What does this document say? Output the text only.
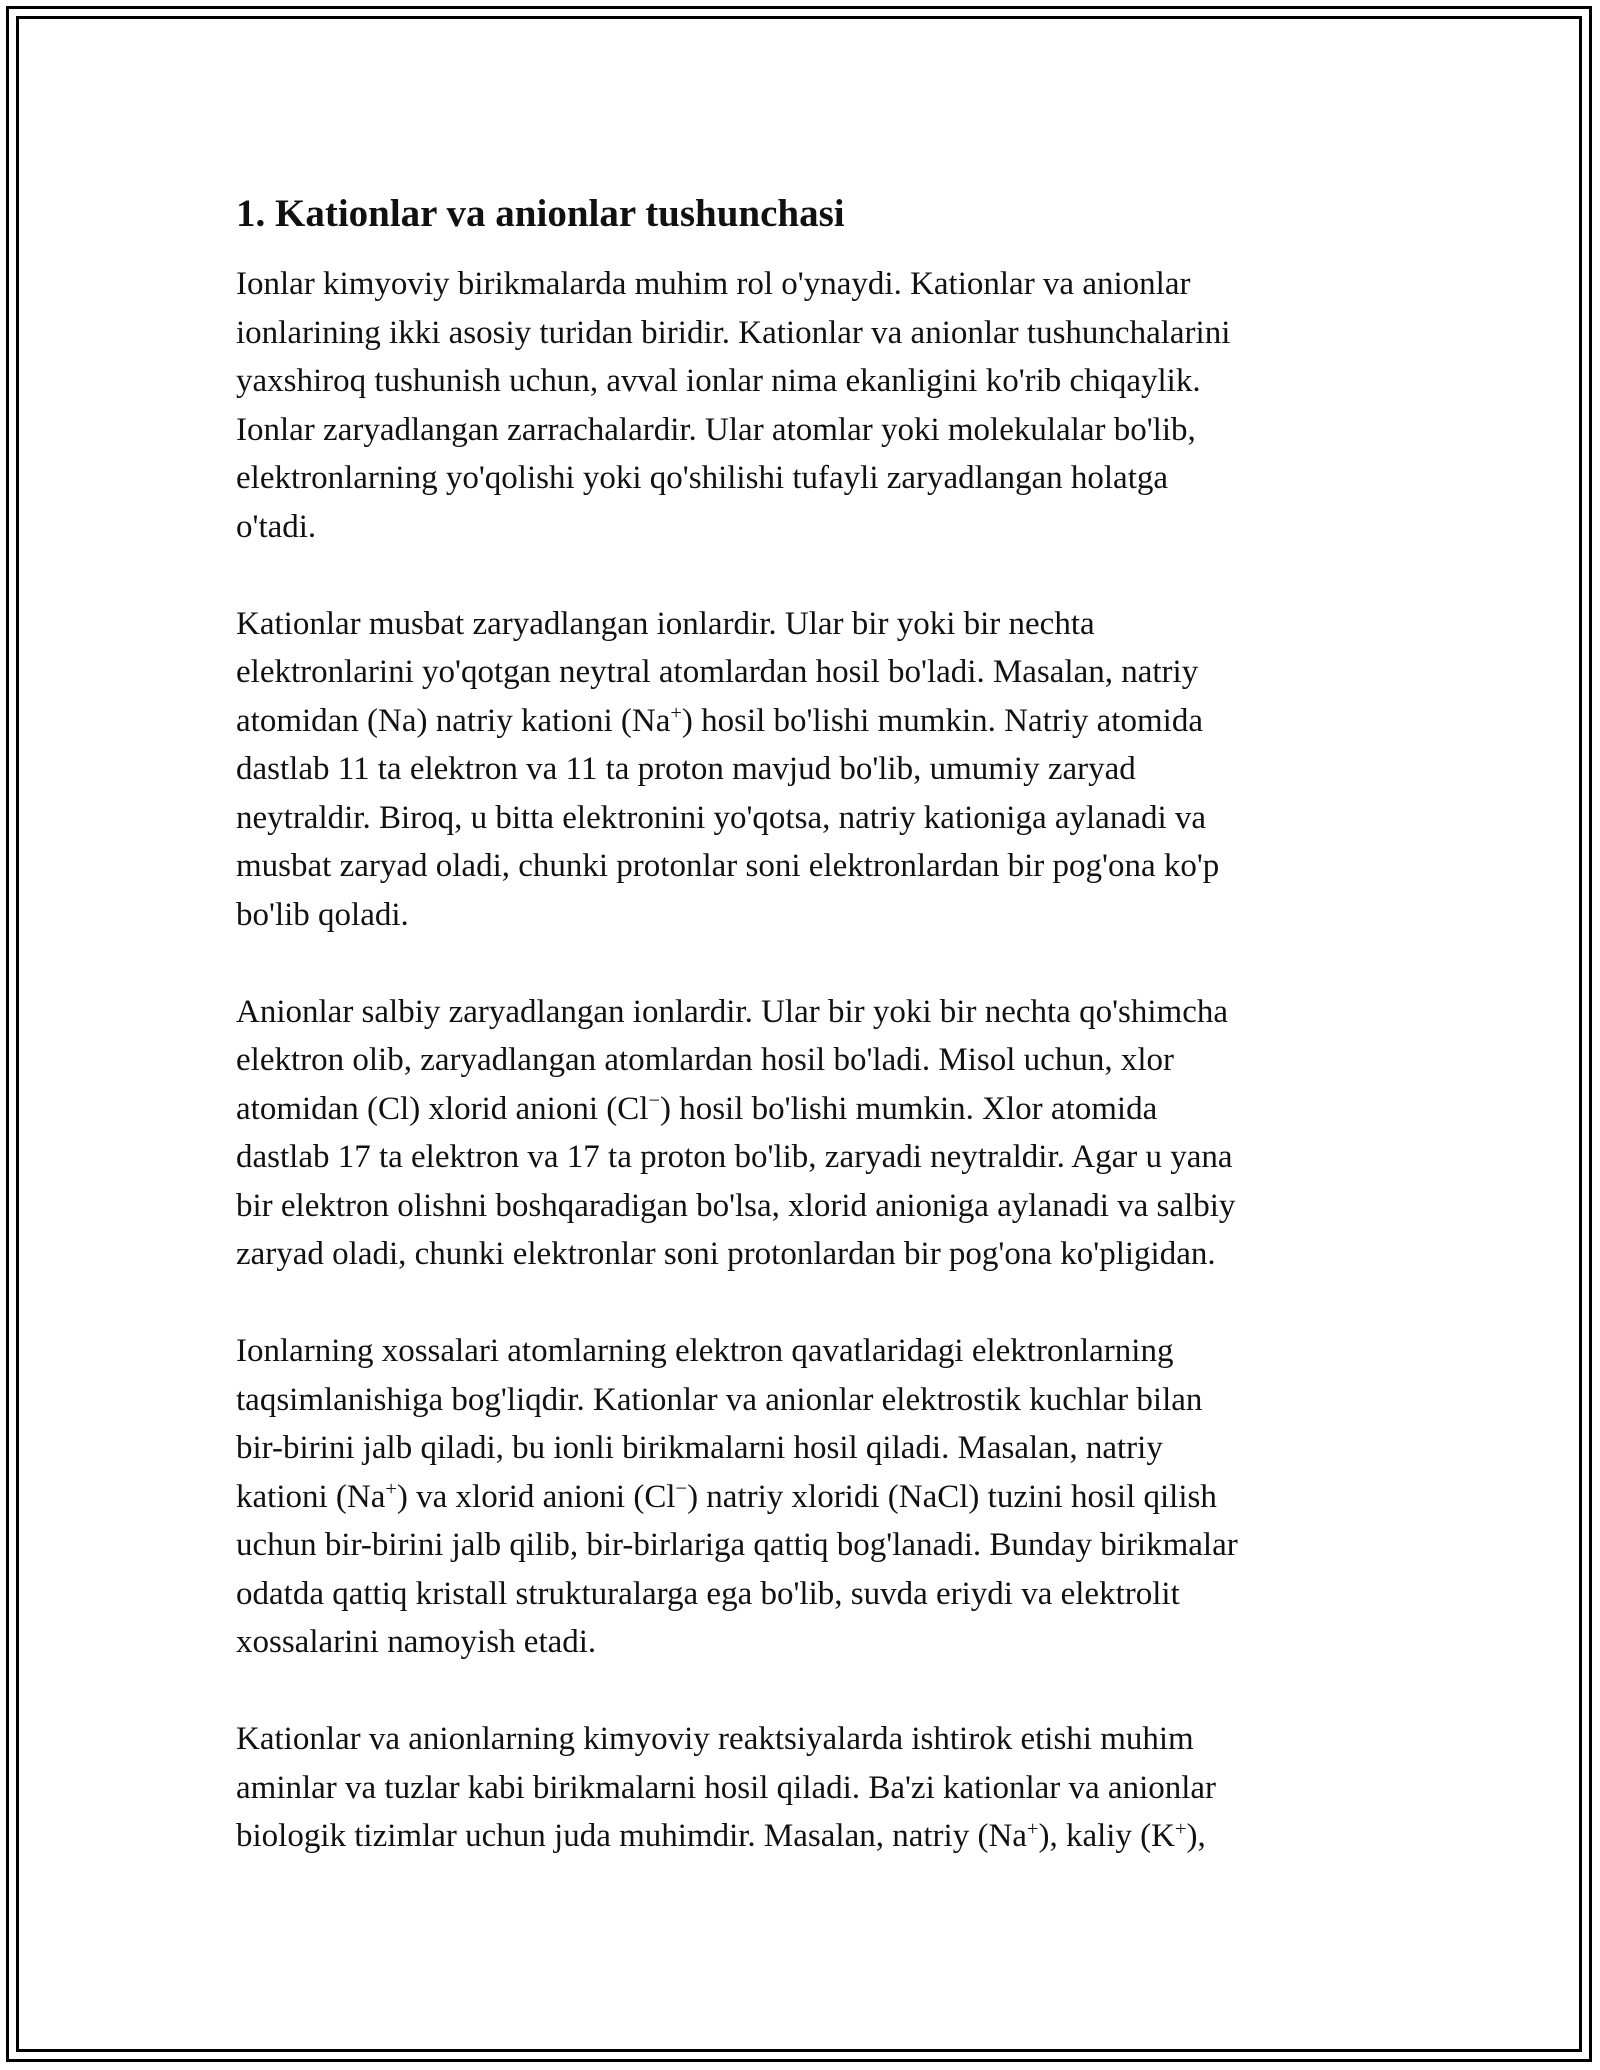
1. Kationlar va anionlar tushunchasi
Ionlar kimyoviy birikmalarda muhim rol o'ynaydi. Kationlar va anionlar
ionlarining ikki asosiy turidan biridir. Kationlar va anionlar tushunchalarini
yaxshiroq tushunish uchun, avval ionlar nima ekanligini ko'rib chiqaylik.
Ionlar zaryadlangan zarrachalardir. Ular atomlar yoki molekulalar bo'lib,
elektronlarning yo'qolishi yoki qo'shilishi tufayli zaryadlangan holatga
o'tadi.
Kationlar musbat zaryadlangan ionlardir. Ular bir yoki bir nechta
elektronlarini yo'qotgan neytral atomlardan hosil bo'ladi. Masalan, natriy
atomidan (Na) natriy kationi (Na+) hosil bo'lishi mumkin. Natriy atomida
dastlab 11 ta elektron va 11 ta proton mavjud bo'lib, umumiy zaryad
neytraldir. Biroq, u bitta elektronini yo'qotsa, natriy kationiga aylanadi va
musbat zaryad oladi, chunki protonlar soni elektronlardan bir pog'ona ko'p
bo'lib qoladi.
Anionlar salbiy zaryadlangan ionlardir. Ular bir yoki bir nechta qo'shimcha
elektron olib, zaryadlangan atomlardan hosil bo'ladi. Misol uchun, xlor
atomidan (Cl) xlorid anioni (Cl−) hosil bo'lishi mumkin. Xlor atomida
dastlab 17 ta elektron va 17 ta proton bo'lib, zaryadi neytraldir. Agar u yana
bir elektron olishni boshqaradigan bo'lsa, xlorid anioniga aylanadi va salbiy
zaryad oladi, chunki elektronlar soni protonlardan bir pog'ona ko'pligidan.
Ionlarning xossalari atomlarning elektron qavatlaridagi elektronlarning
taqsimlanishiga bog'liqdir. Kationlar va anionlar elektrostik kuchlar bilan
bir-birini jalb qiladi, bu ionli birikmalarni hosil qiladi. Masalan, natriy
kationi (Na+) va xlorid anioni (Cl−) natriy xloridi (NaCl) tuzini hosil qilish
uchun bir-birini jalb qilib, bir-birlariga qattiq bog'lanadi. Bunday birikmalar
odatda qattiq kristall strukturalarga ega bo'lib, suvda eriydi va elektrolit
xossalarini namoyish etadi.
Kationlar va anionlarning kimyoviy reaktsiyalarda ishtirok etishi muhim
aminlar va tuzlar kabi birikmalarni hosil qiladi. Ba'zi kationlar va anionlar
biologik tizimlar uchun juda muhimdir. Masalan, natriy (Na+), kaliy (K+),
